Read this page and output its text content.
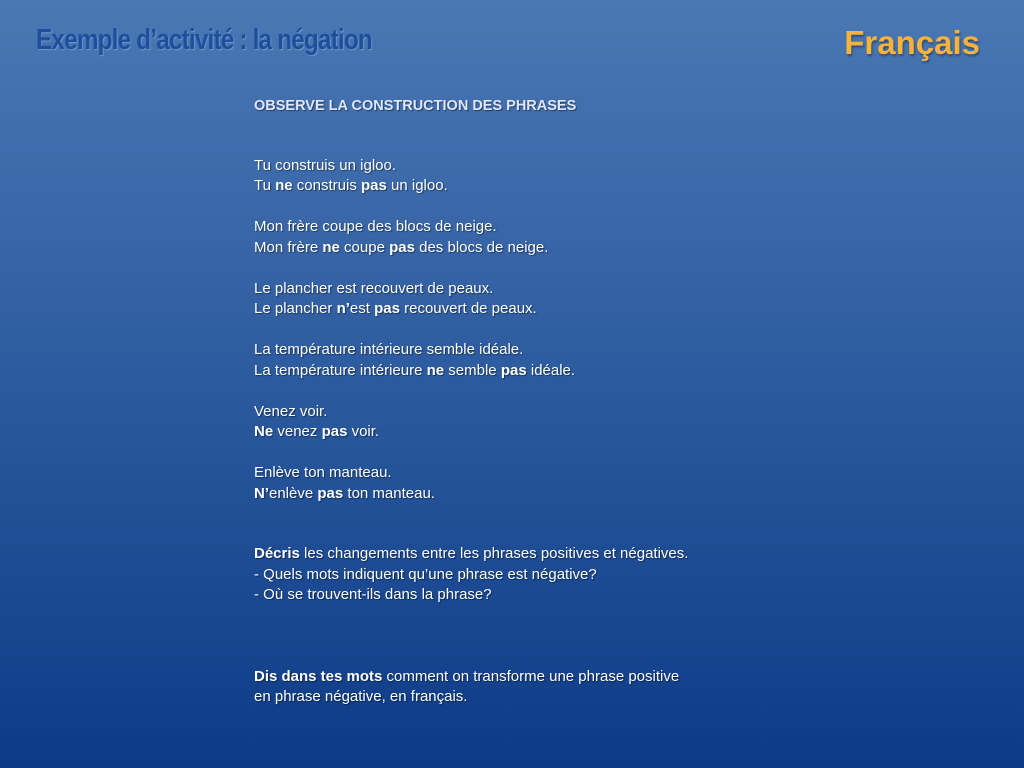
Exemple d’activité : la négation	Français

OBSERVE LA CONSTRUCTION DES PHRASES

Tu construis un igloo.

Tu ne construis pas un igloo.

Mon frère coupe des blocs de neige.

Mon frère ne coupe pas des blocs de neige.

Le plancher est recouvert de peaux.

Le plancher n’est pas recouvert de peaux.

La température intérieure semble idéale.

La température intérieure ne semble pas idéale.

Venez voir.

Ne venez pas voir.

Enlève ton manteau.

N’enlève pas ton manteau.

Décris les changements entre les phrases positives et négatives.

- Quels mots indiquent qu’une phrase est négative?

- Où se trouvent-ils dans la phrase?

Dis dans tes mots comment on transforme une phrase positive

en phrase négative, en français.
